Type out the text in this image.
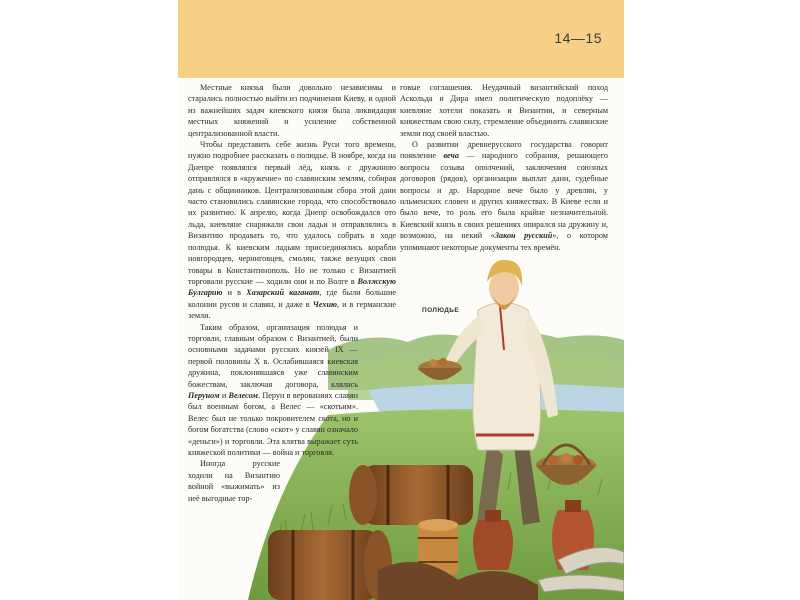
14—15
ПОЛЮДЬЕ

Местные князья были довольно независимы и старались полностью выйти из подчинения Киеву, и одной из важнейших задач киевского князя была ликвидация местных княжений и усиление собственной централизованной власти.

Чтобы представить себе жизнь Руси того времени, нужно подробнее рассказать о полюдье. В ноябре, когда на Днепре появлялся первый лёд, князь с дружиною отправлялся в «кружение» по славянским землям, собирая дань с общинников. Централизованным сбора этой дани часто становились славянские города, что способствовало их развитию. К апрелю, когда Днепр освобождался ото льда, киевляне снаряжали свои ладьи и отправлялись в Византию продавать то, что удалось собрать в ходе полюдья. К киевским ладьям присоединялись корабли новгородцев, черниговцев, смолян, также везущих свои товары в Константинополь. Но не только с Византией торговали русские — ходили они и по Волге в Волжскую Булгарию и в Хазарский каганат, где были большие колонии русов и славян, и даже в Чехию, и в германские земли.

Таким образом, организация полюдья и торговли, главным образом с Византией, были основными задачами русских князей IX — первой половины X в. Ослабившаяся киевская дружина, поклонявшаяся уже славянским божествам, заключая договора, клялась Перуном и Велесом. Перун в верованиях славян был военным богом, а Велес — «скотьим». Велес был не только покровителем скота, но и богом богатства (слово «скот» у славян означало «деньги») и торговли. Эта клятва выражает суть княжеской политики — война и торговля.

Иногда русские ходили на Византию войной «выжимать» из неё выгодные тор-

говые соглашения. Неудачный византийский поход Аскольда и Дира имел политическую подоплёку — киевляне хотели показать и Византии, и северным княжествам свою силу, стремление объединить славянские земли под своей властью.

О развитии древнерусского государства говорит появление веча — народного собрания, решающего вопросы созыва ополчений, заключения союзных договоров (рядов), организации выплат дани, судебные вопросы и др. Народное вече было у древлян, у ильменских словен и других княжествах. В Киеве если и было вече, то роль его была крайне незначительной. Киевский князь в своих решениях опирался на дружину и, возможно, на некий «Закон русский», о котором упоминают некоторые документы тех времён.
